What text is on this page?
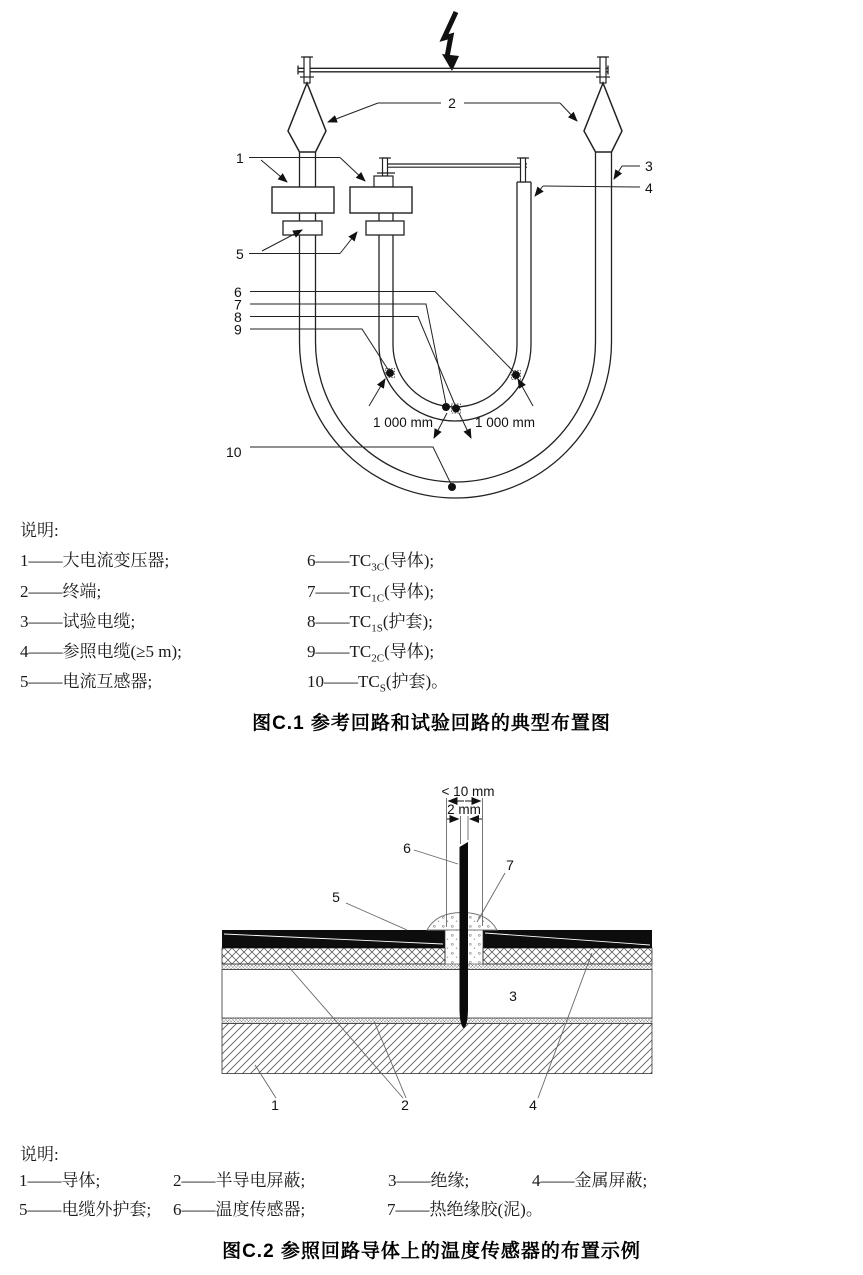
1 000 mm	1 000 mm
1
2
3
4
5
6
7
8
9
10
说明:
1——大电流变压器;	$6——TC_{3C}$(导体);
2——终端;	$7——TC_{1C}$(导体);
3——试验电缆;	$8——TC_{1S}$(护套);
4——参照电缆(≥5 m);	$9——TC_{2C}$(导体);
5——电流互感器;	$10——TC_S$(护套)。
图C.1 参考回路和试验回路的典型布置图
< 10 mm
2 mm
6
7
5
3
1	2	4
说明:
1——导体;	2——半导电屏蔽;	3——绝缘;	4——金属屏蔽;
5——电缆外护套; 6——温度传感器;	7——热绝缘胶(泥)。
图C.2 参照回路导体上的温度传感器的布置示例
